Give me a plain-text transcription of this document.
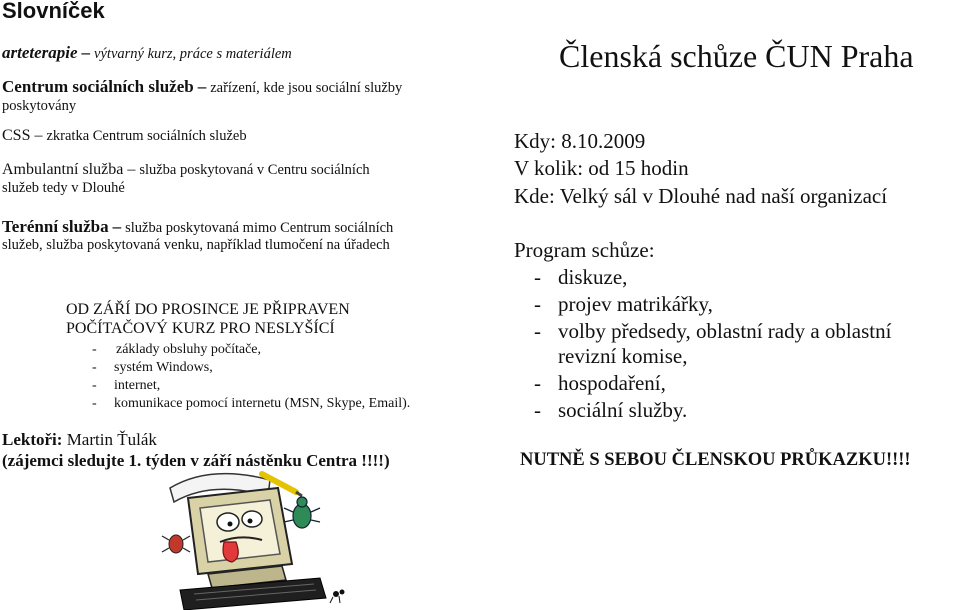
Slovníček
arteterapie – výtvarný kurz, práce s materiálem
Centrum sociálních služeb – zařízení, kde jsou sociální služby
poskytovány
CSS – zkratka Centrum sociálních služeb
Ambulantní služba – služba poskytovaná v Centru sociálních
služeb tedy v Dlouhé
Terénní služba – služba poskytovaná mimo Centrum sociálních
služeb, služba poskytovaná venku, například tlumočení na úřadech
OD ZÁŘÍ DO PROSINCE JE PŘIPRAVEN
POČÍTAČOVÝ KURZ PRO NESLYŠÍCÍ
- základy obsluhy počítače,
- systém Windows,
- internet,
- komunikace pomocí internetu (MSN, Skype, Email).
Lektoři: Martin Ťulák
(zájemci sledujte 1. týden v září nástěnku Centra !!!!)
Členská schůze ČUN Praha
Kdy: 8.10.2009
V kolik: od 15 hodin
Kde: Velký sál v Dlouhé nad naší organizací
Program schůze:
- diskuze,
- projev matrikářky,
- volby předsedy, oblastní rady a oblastní
revizní komise,
- hospodaření,
- sociální služby.
NUTNĚ S SEBOU ČLENSKOU PRŮKAZKU!!!!
